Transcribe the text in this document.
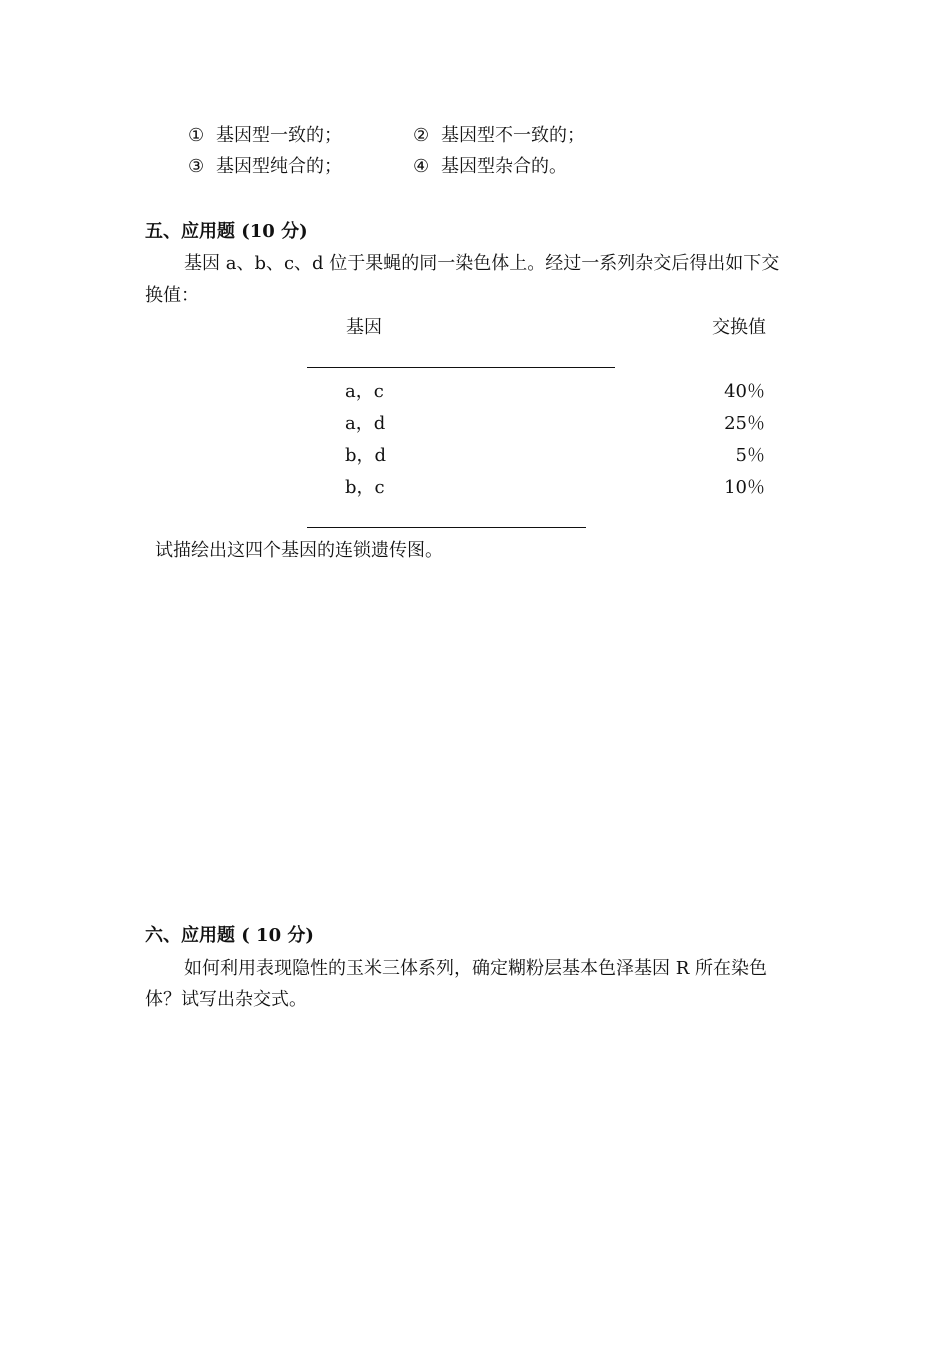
① 基因型一致的；	② 基因型不一致的；
③ 基因型纯合的；	④ 基因型杂合的。
五、应用题 (10 分)
基因 a、b、c、d 位于果蝇的同一染色体上。经过一系列杂交后得出如下交
换值：
基因	交换值
a，c	40％
a，d	25％
b，d	5％
b，c	10％
试描绘出这四个基因的连锁遗传图。
六、应用题 ( 10 分)
如何利用表现隐性的玉米三体系列，确定糊粉层基本色泽基因 R 所在染色
体？试写出杂交式。
